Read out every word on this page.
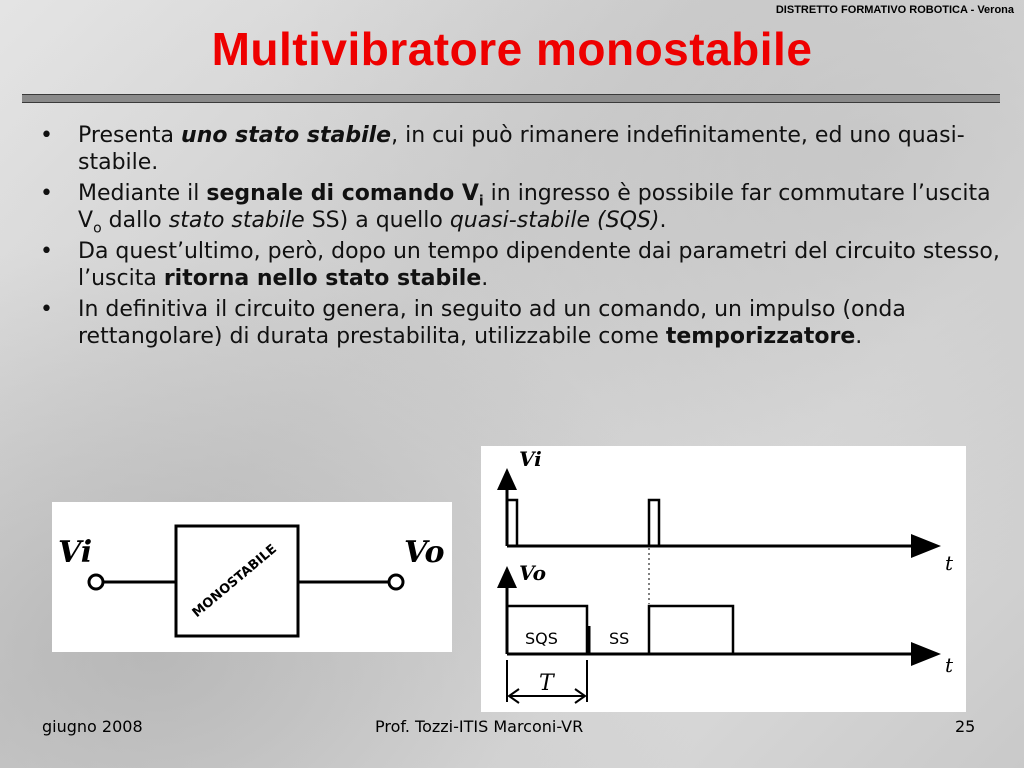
DISTRETTO FORMATIVO ROBOTICA - Verona
Multivibratore monostabile
• Presenta uno stato stabile, in cui può rimanere indefinitamente, ed uno quasi-stabile.
• Mediante il segnale di comando $V_i$ in ingresso è possibile far commutare l’uscita $V_o$ dallo stato stabile SS) a quello quasi-stabile (SQS).
• Da quest’ultimo, però, dopo un tempo dipendente dai parametri del circuito stesso, l’uscita ritorna nello stato stabile.
• In definitiva il circuito genera, in seguito ad un comando, un impulso (onda rettangolare) di durata prestabilita, utilizzabile come temporizzatore.
Vi	Vo
MONOSTABILE
Vi
t
Vo
t
SQS	SS
T
giugno 2008	Prof. Tozzi-ITIS Marconi-VR	25
